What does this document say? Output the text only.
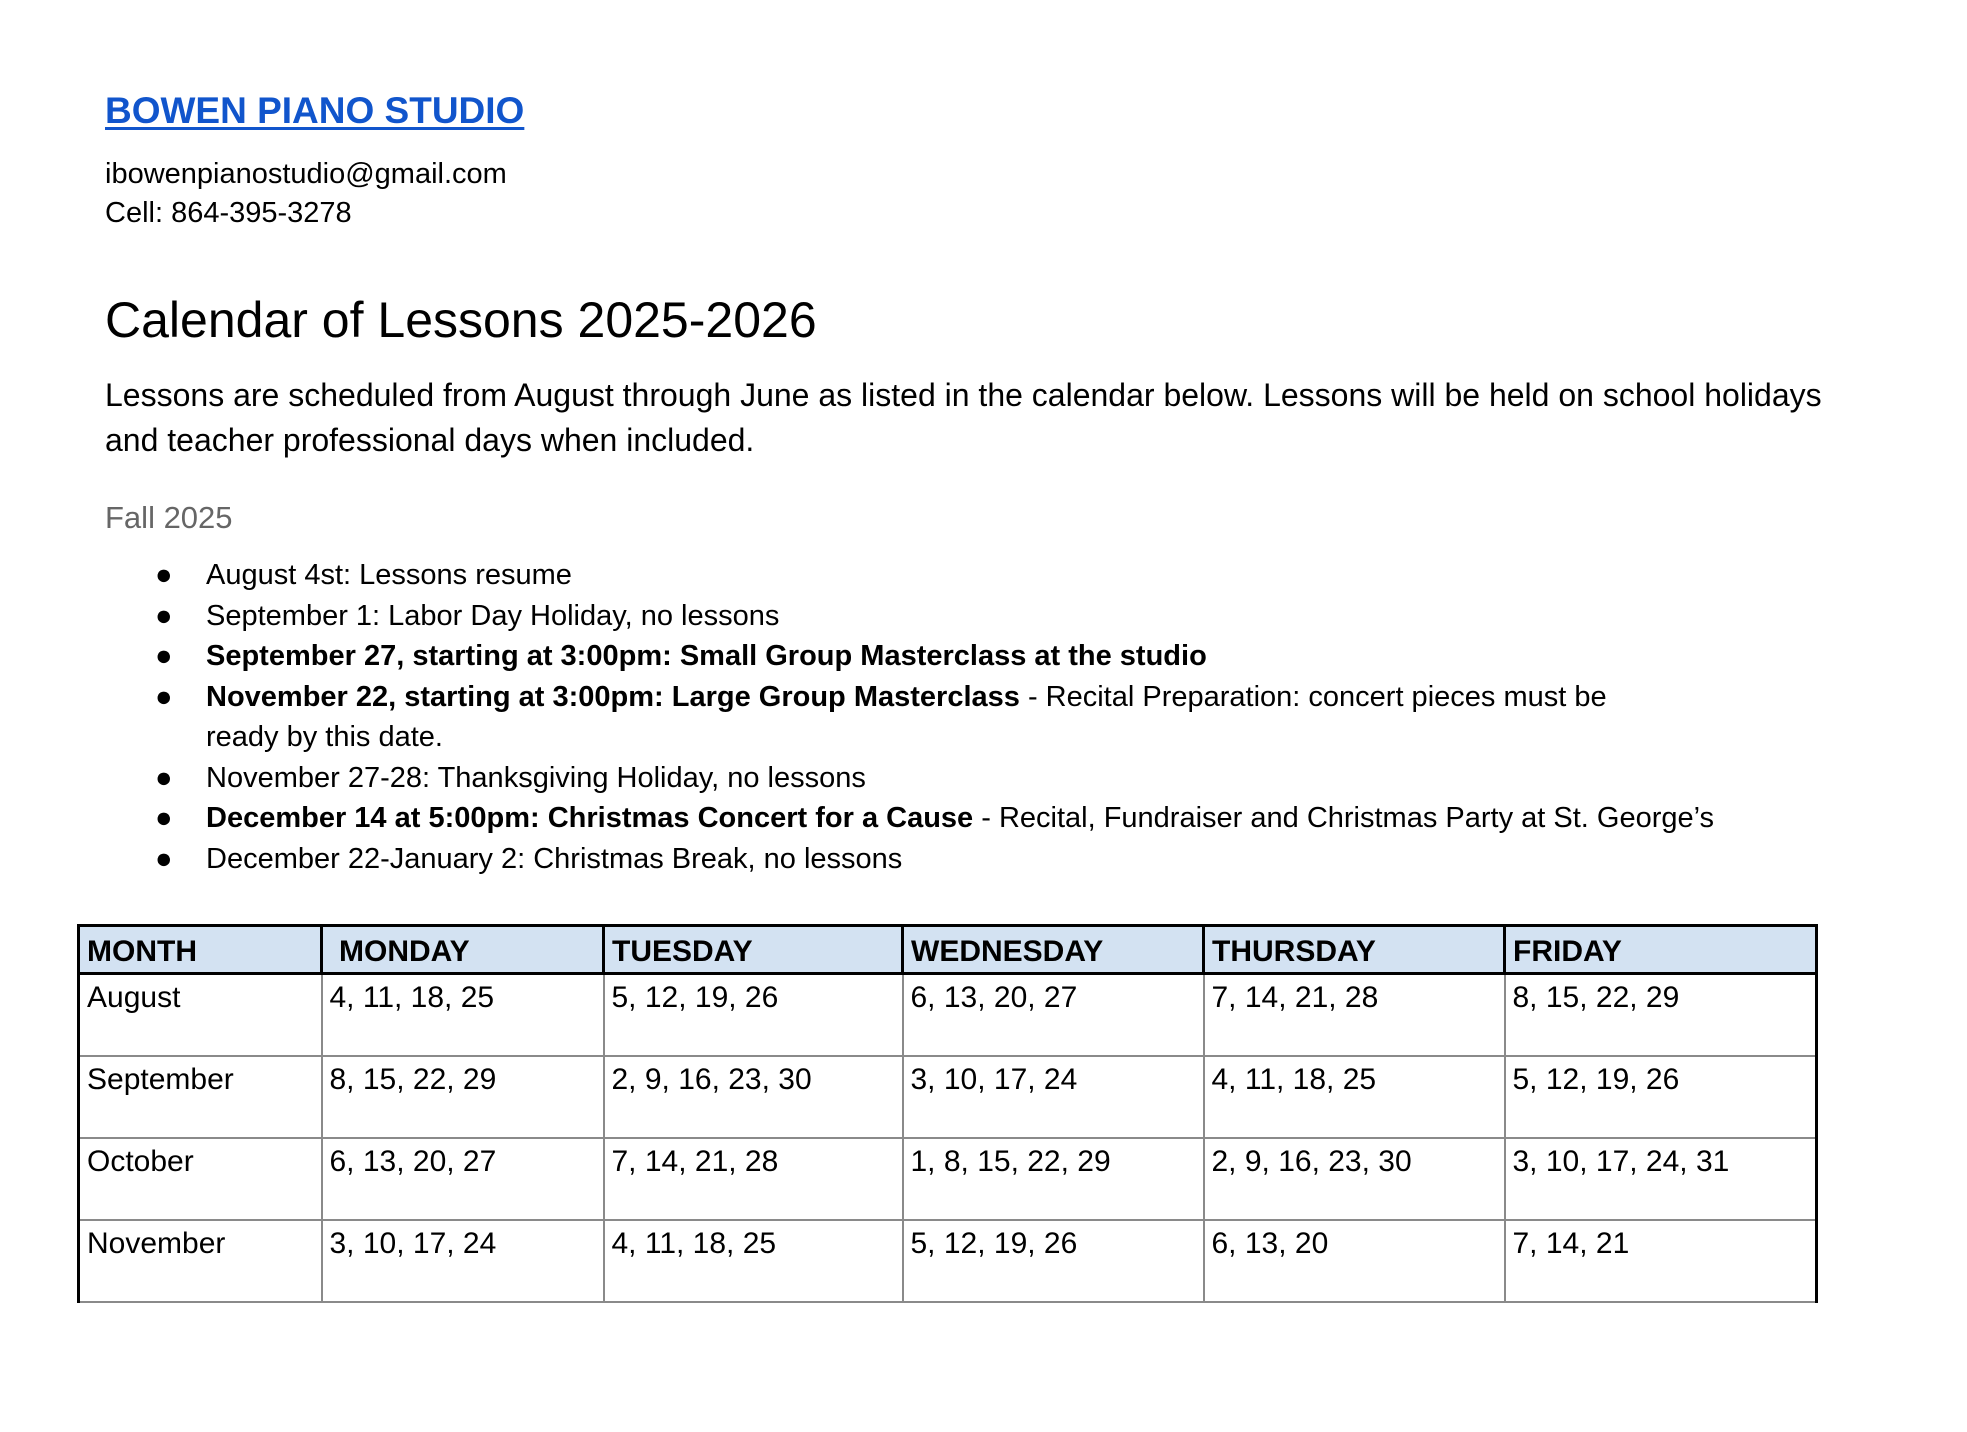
BOWEN PIANO STUDIO
ibowenpianostudio@gmail.com
Cell: 864-395-3278
Calendar of Lessons 2025-2026
Lessons are scheduled from August through June as listed in the calendar below. Lessons will be held on school holidays and teacher professional days when included.
Fall 2025
● August 4st: Lessons resume
● September 1: Labor Day Holiday, no lessons
● September 27, starting at 3:00pm: Small Group Masterclass at the studio
● November 22, starting at 3:00pm: Large Group Masterclass - Recital Preparation: concert pieces must be ready by this date.
● November 27-28: Thanksgiving Holiday, no lessons
● December 14 at 5:00pm: Christmas Concert for a Cause - Recital, Fundraiser and Christmas Party at St. George’s
● December 22-January 2: Christmas Break, no lessons
MONTH	MONDAY	TUESDAY	WEDNESDAY	THURSDAY	FRIDAY
August	4, 11, 18, 25	5, 12, 19, 26	6, 13, 20, 27	7, 14, 21, 28	8, 15, 22, 29
September	8, 15, 22, 29	2, 9, 16, 23, 30	3, 10, 17, 24	4, 11, 18, 25	5, 12, 19, 26
October	6, 13, 20, 27	7, 14, 21, 28	1, 8, 15, 22, 29	2, 9, 16, 23, 30	3, 10, 17, 24, 31
November	3, 10, 17, 24	4, 11, 18, 25	5, 12, 19, 26	6, 13, 20	7, 14, 21
